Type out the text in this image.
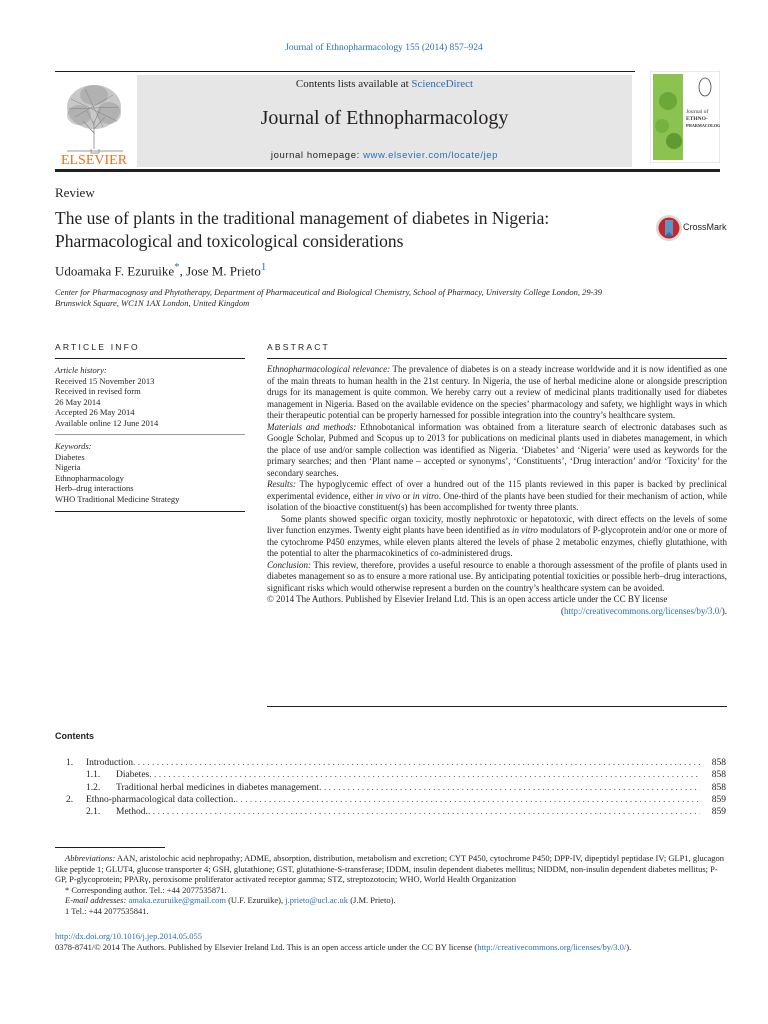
Journal of Ethnopharmacology 155 (2014) 857–924
ELSEVIER
Contents lists available at ScienceDirect
Journal of Ethnopharmacology
journal homepage: www.elsevier.com/locate/jep
Journal of
ETHNO-
PHARMACOLOGY
Review
The use of plants in the traditional management of diabetes in Nigeria:
Pharmacological and toxicological considerations
CrossMark
Udoamaka F. Ezuruike*, Jose M. Prieto$^1$
Center for Pharmacognosy and Phytotherapy, Department of Pharmaceutical and Biological Chemistry, School of Pharmacy, University College London, 29-39
Brunswick Square, WC1N 1AX London, United Kingdom
ARTICLE INFO	ABSTRACT
Article history:
Received 15 November 2013
Received in revised form
26 May 2014
Accepted 26 May 2014
Available online 12 June 2014
Keywords:
Diabetes
Nigeria
Ethnopharmacology
Herb–drug interactions
WHO Traditional Medicine Strategy

Ethnopharmacological relevance: The prevalence of diabetes is on a steady increase worldwide and it is now identified as one of the main threats to human health in the 21st century. In Nigeria, the use of herbal medicine alone or alongside prescription drugs for its management is quite common. We hereby carry out a review of medicinal plants traditionally used for diabetes management in Nigeria. Based on the available evidence on the species’ pharmacology and safety, we highlight ways in which their therapeutic potential can be properly harnessed for possible integration into the country’s healthcare system.

Materials and methods: Ethnobotanical information was obtained from a literature search of electronic databases such as Google Scholar, Pubmed and Scopus up to 2013 for publications on medicinal plants used in diabetes management, in which the place of use and/or sample collection was identified as Nigeria. ‘Diabetes’ and ‘Nigeria’ were used as keywords for the primary searches; and then ‘Plant name – accepted or synonyms’, ‘Constituents’, ‘Drug interaction’ and/or ‘Toxicity’ for the secondary searches.

Results: The hypoglycemic effect of over a hundred out of the 115 plants reviewed in this paper is backed by preclinical experimental evidence, either in vivo or in vitro. One-third of the plants have been studied for their mechanism of action, while isolation of the bioactive constituent(s) has been accomplished for twenty three plants.

Some plants showed specific organ toxicity, mostly nephrotoxic or hepatotoxic, with direct effects on the levels of some liver function enzymes. Twenty eight plants have been identified as in vitro modulators of P-glycoprotein and/or one or more of the cytochrome P450 enzymes, while eleven plants altered the levels of phase 2 metabolic enzymes, chiefly glutathione, with the potential to alter the pharmacokinetics of co-administered drugs.

Conclusion: This review, therefore, provides a useful resource to enable a thorough assessment of the profile of plants used in diabetes management so as to ensure a more rational use. By anticipating potential toxicities or possible herb–drug interactions, significant risks which would otherwise represent a burden on the country’s healthcare system can be avoided.

© 2014 The Authors. Published by Elsevier Ireland Ltd. This is an open access article under the CC BY license

(http://creativecommons.org/licenses/by/3.0/).

Contents
1.	Introduction . . .	858
1.1.	Diabetes . . .	858
1.2.	Traditional herbal medicines in diabetes management . . .	858
2.	Ethno-pharmacological data collection. . . .	859
2.1.	Method. . . .	859

Abbreviations: AAN, aristolochic acid nephropathy; ADME, absorption, distribution, metabolism and excretion; CYT P450, cytochrome P450; DPP-IV, dipeptidyl peptidase IV; GLP1, glucagon like peptide 1; GLUT4, glucose transporter 4; GSH, glutathione; GST, glutathione-S-transferase; IDDM, insulin dependent diabetes mellitus; NIDDM, non-insulin dependent diabetes mellitus; P-GP, P-glycoprotein; PPARγ, peroxisome proliferator activated receptor gamma; STZ, streptozotocin; WHO, World Health Organization

* Corresponding author. Tel.: +44 2077535871.

E-mail addresses: amaka.ezuruike@gmail.com (U.F. Ezuruike), j.prieto@ucl.ac.uk (J.M. Prieto).

1 Tel.: +44 2077535841.

http://dx.doi.org/10.1016/j.jep.2014.05.055
0378-8741/© 2014 The Authors. Published by Elsevier Ireland Ltd. This is an open access article under the CC BY license (http://creativecommons.org/licenses/by/3.0/).
